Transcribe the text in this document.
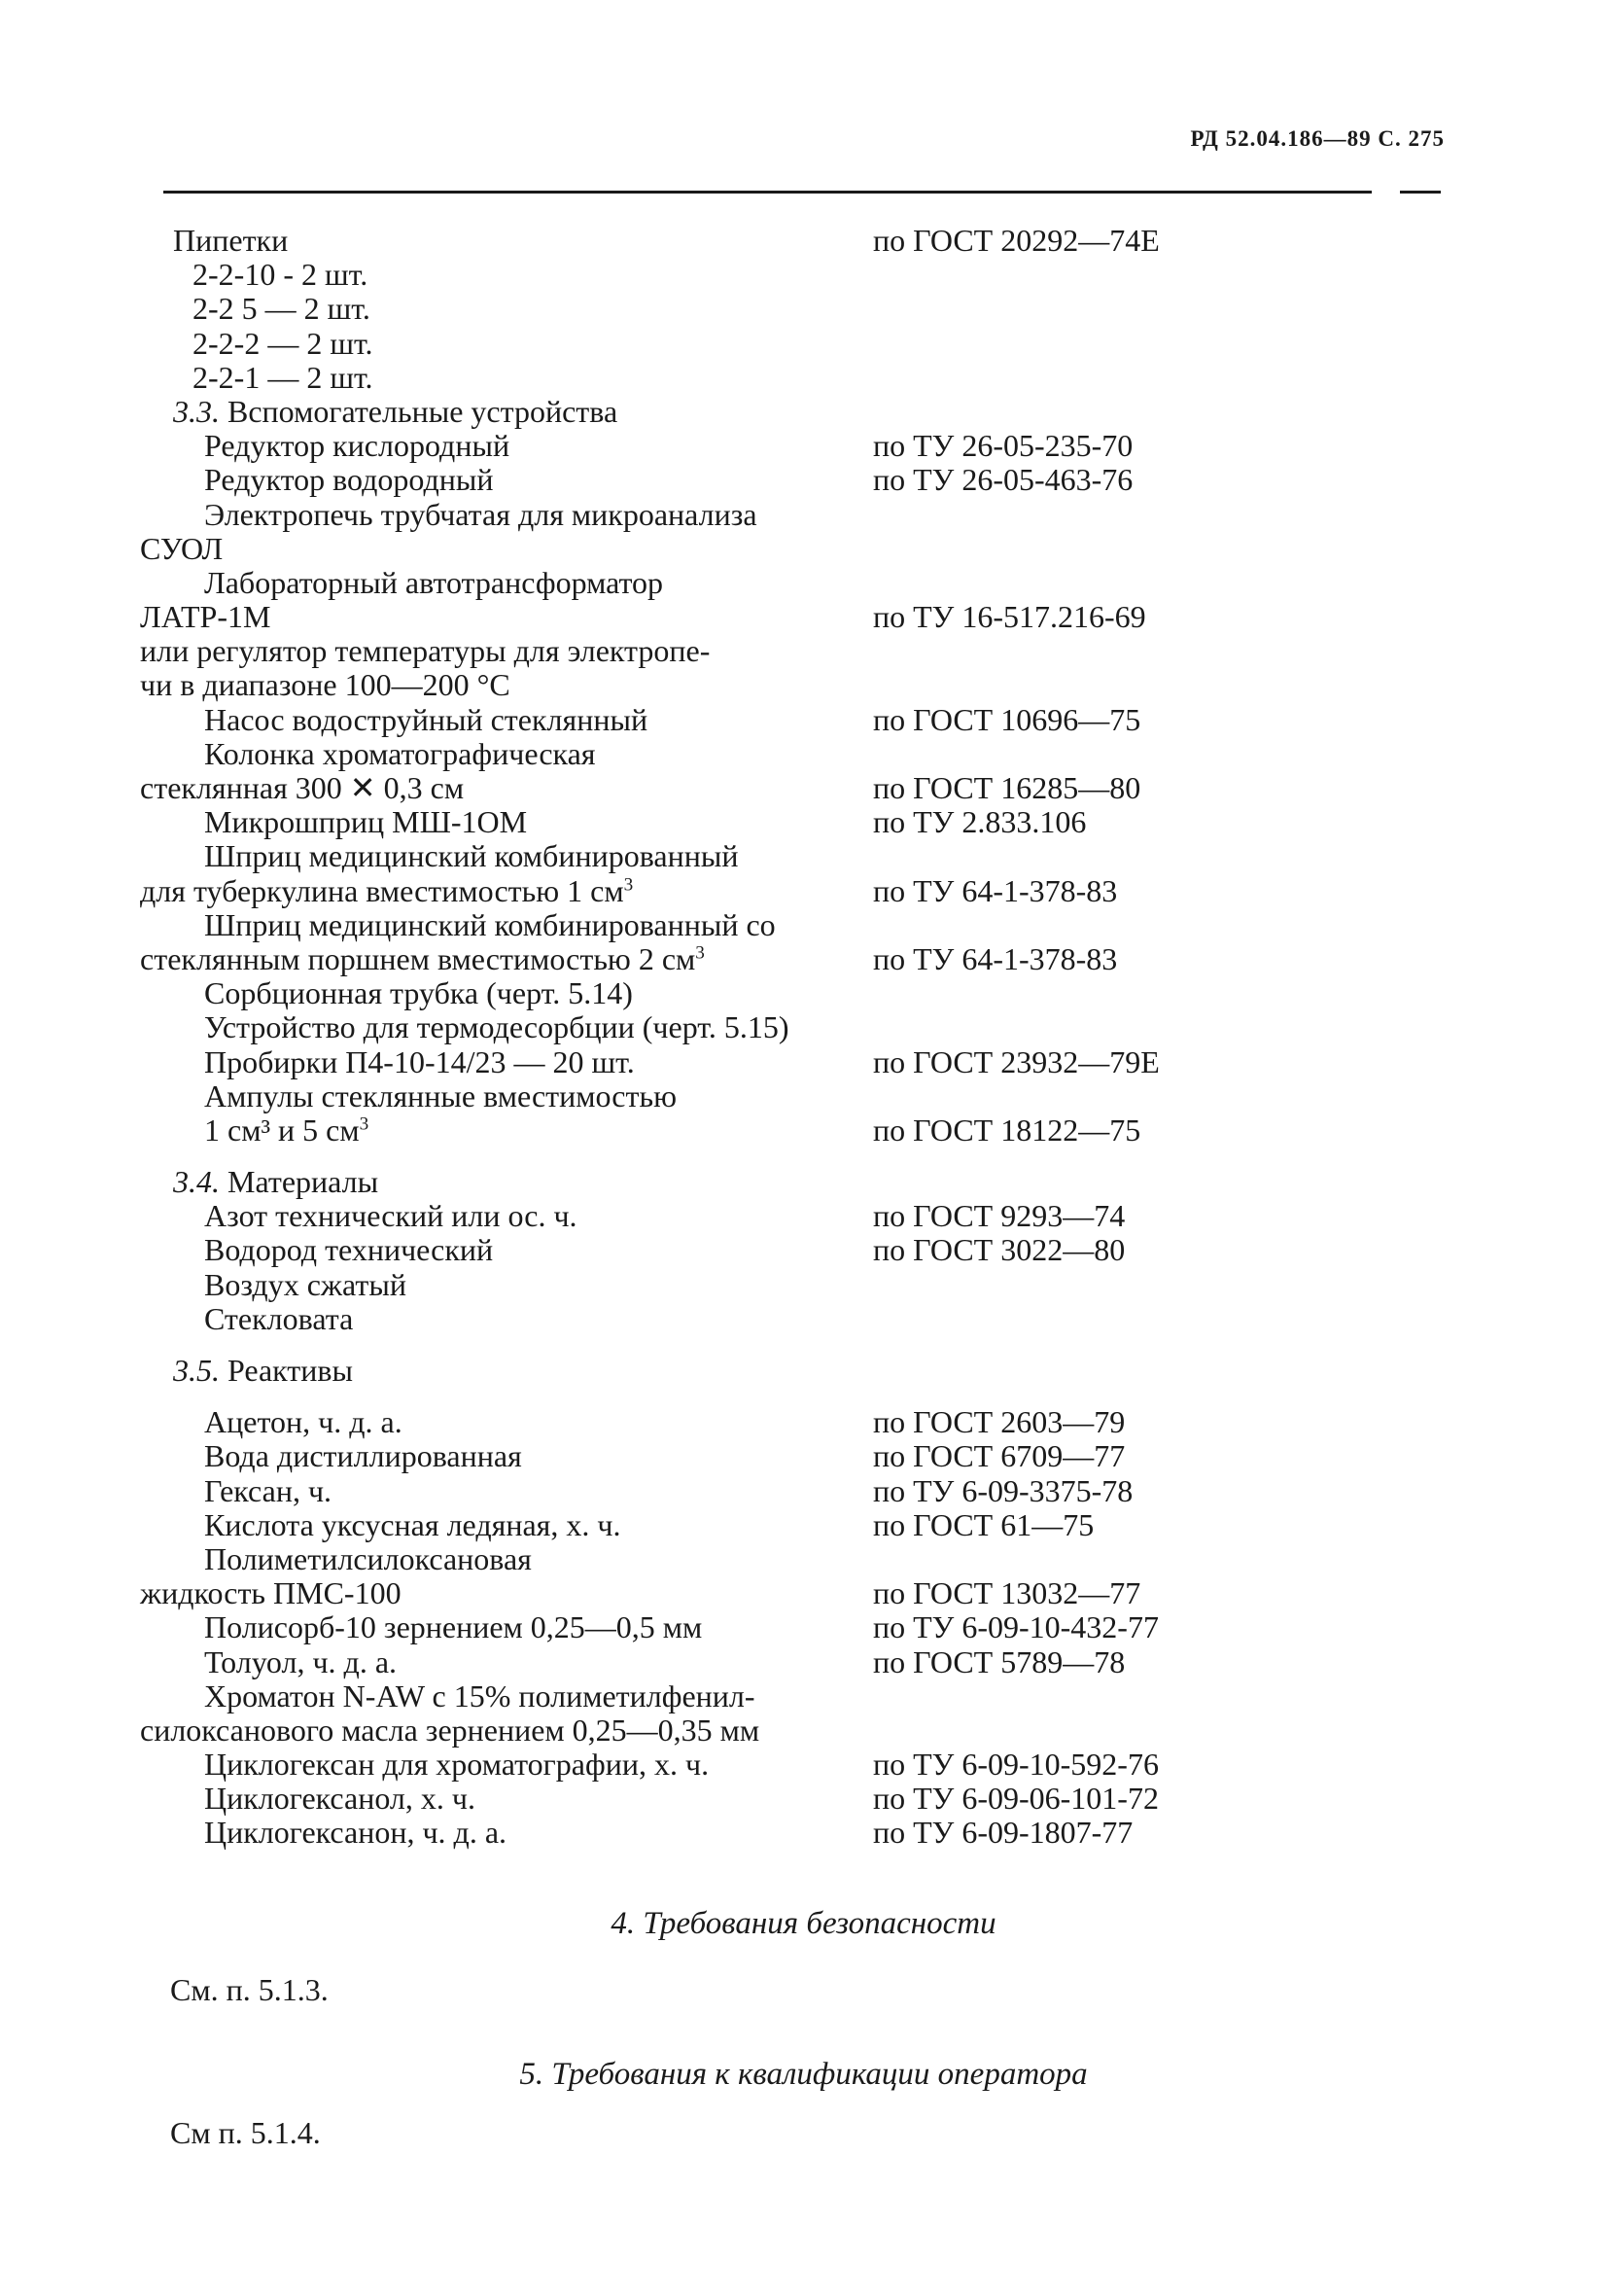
РД 52.04.186—89 С. 275
Пипетки	по ГОСТ 20292—74Е
2-2-10 - 2 шт.
2-2 5 — 2 шт.
2-2-2 — 2 шт.
2-2-1 — 2 шт.
3.3. Вспомогательные устройства
Редуктор кислородный	по ТУ 26-05-235-70
Редуктор водородный	по ТУ 26-05-463-76
Электропечь трубчатая для микроанализа
СУОЛ
Лабораторный автотрансформатор
ЛАТР-1М	по ТУ 16-517.216-69
или регулятор температуры для электропе-
чи в диапазоне 100—200 °С
Насос водоструйный стеклянный	по ГОСТ 10696—75
Колонка хроматографическая
стеклянная 300 ✕ 0,3 см	по ГОСТ 16285—80
Микрошприц МШ-1ОМ	по ТУ 2.833.106
Шприц медицинский комбинированный
для туберкулина вместимостью 1 $см^3$	по ТУ 64-1-378-83
Шприц медицинский комбинированный со
стеклянным поршнем вместимостью 2 $см^3$	по ТУ 64-1-378-83
Сорбционная трубка (черт. 5.14)
Устройство для термодесорбции (черт. 5.15)
Пробирки П4-10-14/23 — 20 шт.	по ГОСТ 23932—79Е
Ампулы стеклянные вместимостью
1 см³ и 5 $см^3$	по ГОСТ 18122—75
3.4. Материалы
Азот технический или ос. ч.	по ГОСТ 9293—74
Водород технический	по ГОСТ 3022—80
Воздух сжатый
Стекловата
3.5. Реактивы
Ацетон, ч. д. а.	по ГОСТ 2603—79
Вода дистиллированная	по ГОСТ 6709—77
Гексан, ч.	по ТУ 6-09-3375-78
Кислота уксусная ледяная, х. ч.	по ГОСТ 61—75
Полиметилсилоксановая
жидкость ПМС-100	по ГОСТ 13032—77
Полисорб-10 зернением 0,25—0,5 мм	по ТУ 6-09-10-432-77
Толуол, ч. д. а.	по ГОСТ 5789—78
Хроматон N-AW с 15% полиметилфенил-
силоксанового масла зернением 0,25—0,35 мм
Циклогексан для хроматографии, х. ч.	по ТУ 6-09-10-592-76
Циклогексанол, х. ч.	по ТУ 6-09-06-101-72
Циклогексанон, ч. д. а.	по ТУ 6-09-1807-77
4. Требования безопасности
См. п. 5.1.3.
5. Требования к квалификации оператора
См п. 5.1.4.
